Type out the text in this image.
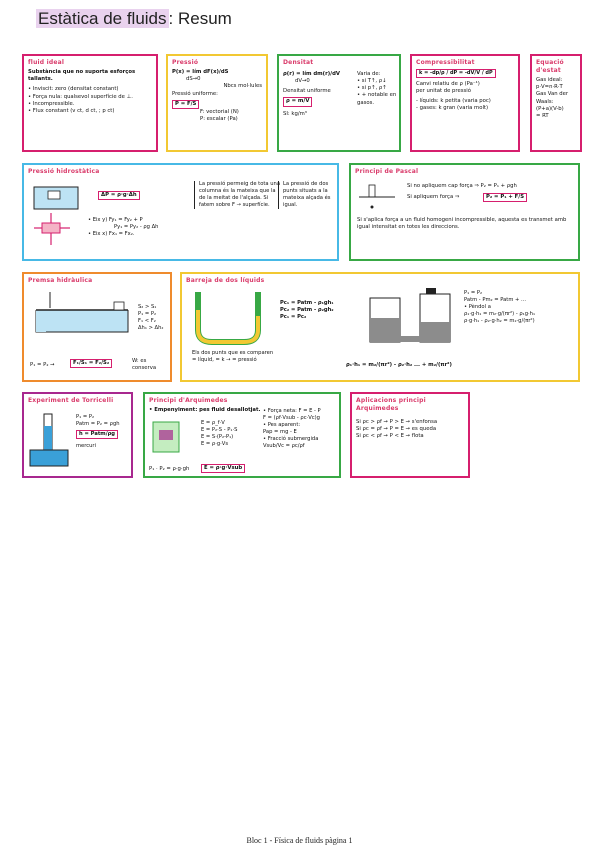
Estàtica de fluids : Resum
fluid ideal
Substància que no suporta esforços tallants.
• Inviscit: zero (densitat constant)
• Força nula: qualsevol superfície de ⊥.
• Incompressible.
• Flux constant (v ct, d ct, ; p ct)
Pressió
P(x) = lím dF(x)/dS
dS→0
Nbcs mol·lules
Pressió uniforme:
P = F/S
F: vectorial (N)
P: escalar (Pa)
Densitat
ρ(r) = lím dm(r)/dV
dV→0
Densitat uniforme
ρ = m/V
SI: kg/m³
Varia de:
• si T↑, ρ↓
• si p↑, ρ↑
• + notable en gasos.
Compressibilitat
k = -dp/ρ / dP = -dV/V / dP
Canvi relatiu de ρ (Pa⁻¹)
per unitat de pressió
- líquids: k petita (varia poc)
- gases: k gran (varia molt)
Equació d'estat
Gas ideal:
p·V=n·R·T
Gas Van der
Waals:
(P+a)(V-b)
= RT
Pressió hidrostàtica
ΔP = ρ·g·Δh
• Eix y) Fy₁ = Fy₂ + P
Py₁ = Py₂ - ρg Δh
• Eix x) Fx₁ = Fx₂.
La pressió permeig de tota una columna és la mateixa que la de la meitat de l'alçada. Si fatem sobre F → superfície.
La pressió de dos punts situats a la mateixa alçada és igual.
Principi de Pascal
Si no apliquem cap força ⇒ P₂ = P₁ + ρgh
Si apliquem força ⇒	P₂ = P₁ + F/S
Si s'aplica força a un fluid homogeni incompressible, aquesta es transmet amb igual intensitat en totes les direccions.
Premsa hidràulica
S₂ > S₁
P₁ = P₂
F₁ < F₂
Δh₁ > Δh₂
P₁ = P₂ →	F₁/S₁ = F₂/S₂	W: es conserva
Barreja de dos líquids
Pc₁ = Patm - ρ₁gh₁
Pc₂ = Patm - ρ₂gh₂
Pc₁ = Pc₂
Els dos punts que es comparen
= líquid, = k → = pressió
P₁ = P₂
Patm - Pm₂ = Patm + ...
• Pèndol a
ρ₁·g·h₁ = m₂·g/(πr²) - ρ₁g·h₁
ρ·g·h₁ - ρ₂·g·h₂ = m₂·g/(πr²)
ρ₁·h₁ = m₂/(πr²) - ρ₂·h₂ ... + m₂/(πr²)
Experiment de Torricelli
P₁ = P₂
Patm = P₂ = ρgh
h = Patm/ρg
mercuri
Principi d'Arquimedes
• Empenyiment: pes fluid desallotjat.
E = ρ_f·V
E = P₂·S - P₁·S
E = S·(P₂-P₁)
E = ρ·g·Vs
P₁ · P₂ = ρ·g·gh	E = ρ·g·Vsub
• Força neta: F = E - P
F = (ρf·Vsub - ρc·Vc)g
• Pes aparent:
Pap = mg - E
• Fracció submergida
Vsub/Vc = ρc/ρf
Aplicacions principi Arquimedes
Si ρc > ρf → P > E → s'enfonsa
Si ρc = ρf → P = E → es queda
Si ρc < ρf → P < E → flota
Bloc 1 - Física de fluids pàgina 1
